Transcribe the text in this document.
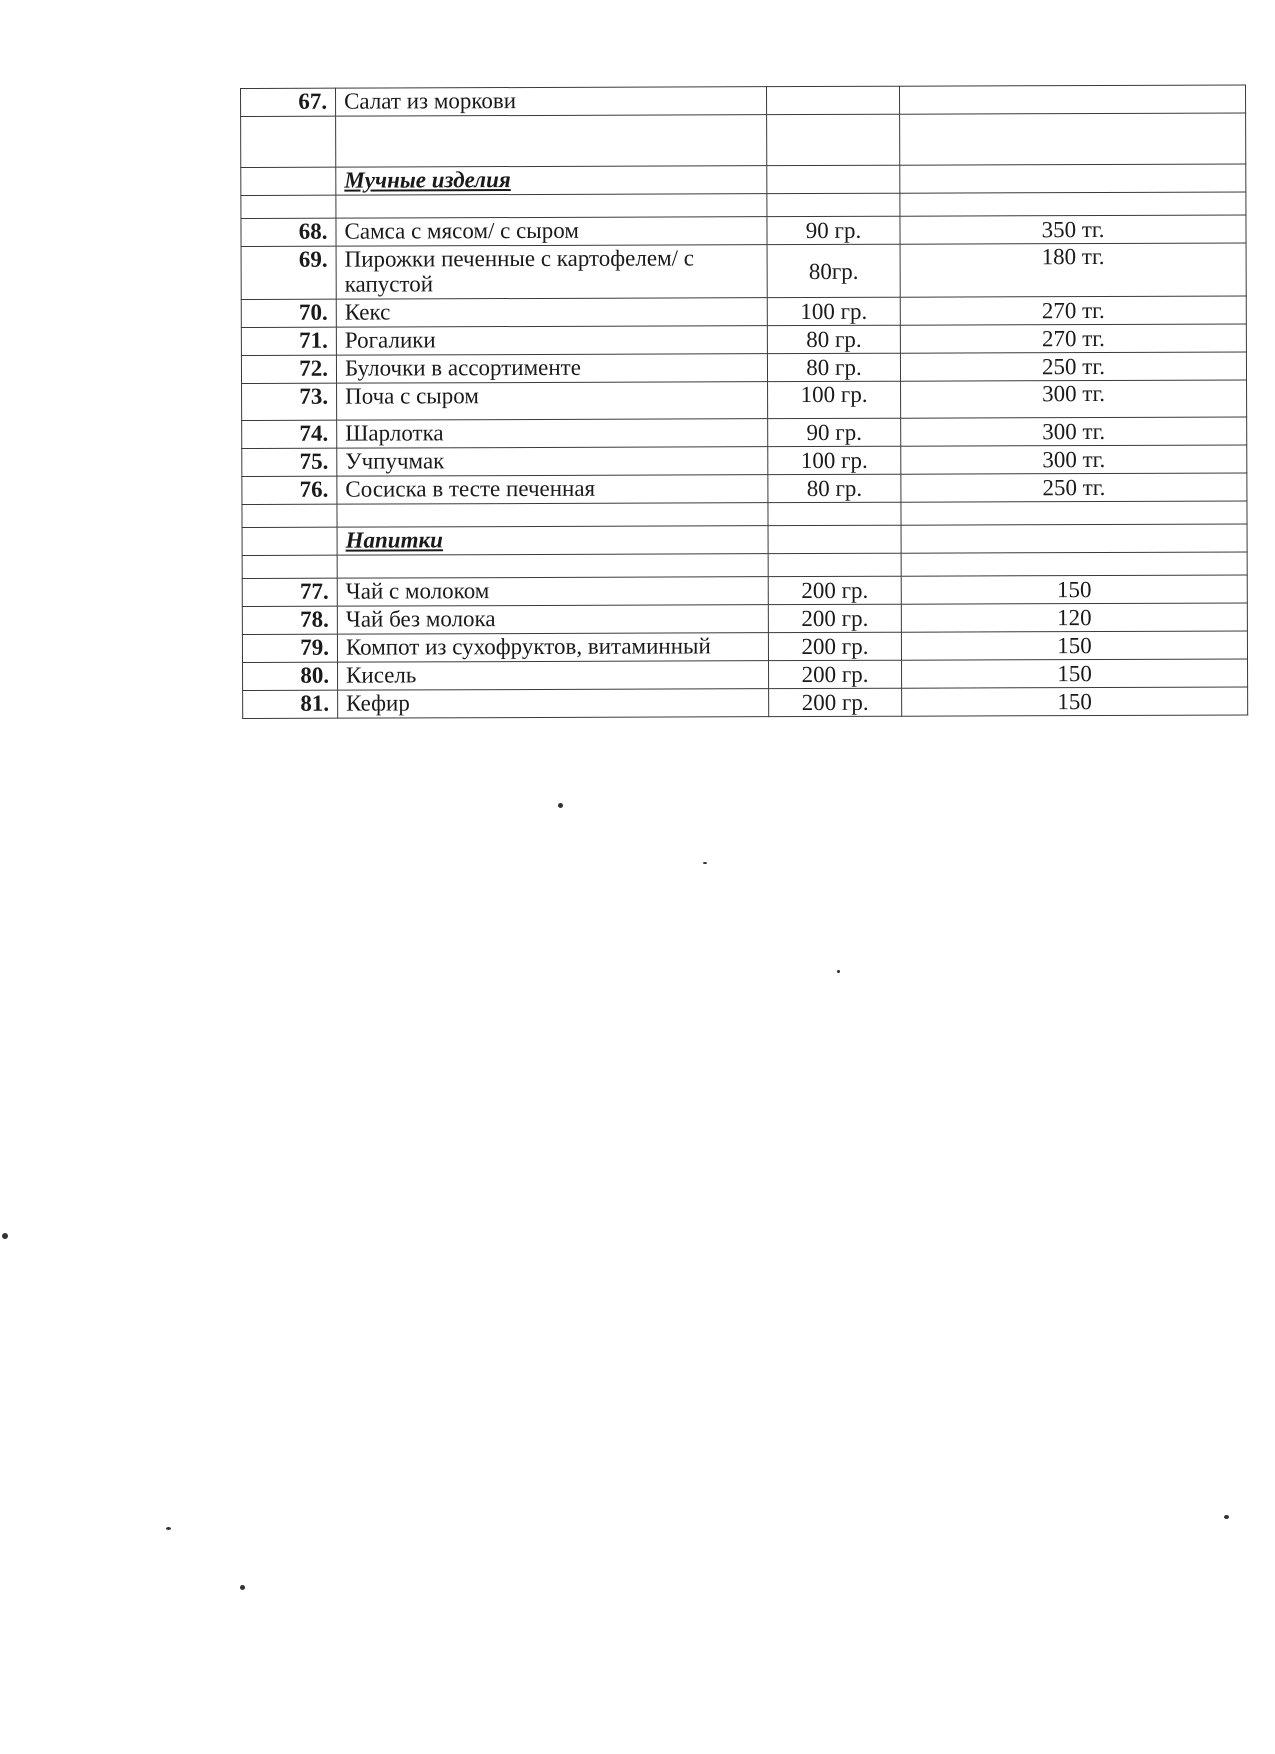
67.	Салат из моркови		

	Мучные изделия		

68.	Самса с мясом/ с сыром	90 гр.	350 тг.
69.	Пирожки печенные с картофелем/ с капустой	80гр.	180 тг.
70.	Кекс	100 гр.	270 тг.
71.	Рогалики	80 гр.	270 тг.
72.	Булочки в ассортименте	80 гр.	250 тг.
73.	Поча с сыром	100 гр.	300 тг.
74.	Шарлотка	90 гр.	300 тг.
75.	Учпучмак	100 гр.	300 тг.
76.	Сосиска в тесте печенная	80 гр.	250 тг.

	Напитки		

77.	Чай с молоком	200 гр.	150
78.	Чай без молока	200 гр.	120
79.	Компот из сухофруктов, витаминный	200 гр.	150
80.	Кисель	200 гр.	150
81.	Кефир	200 гр.	150
